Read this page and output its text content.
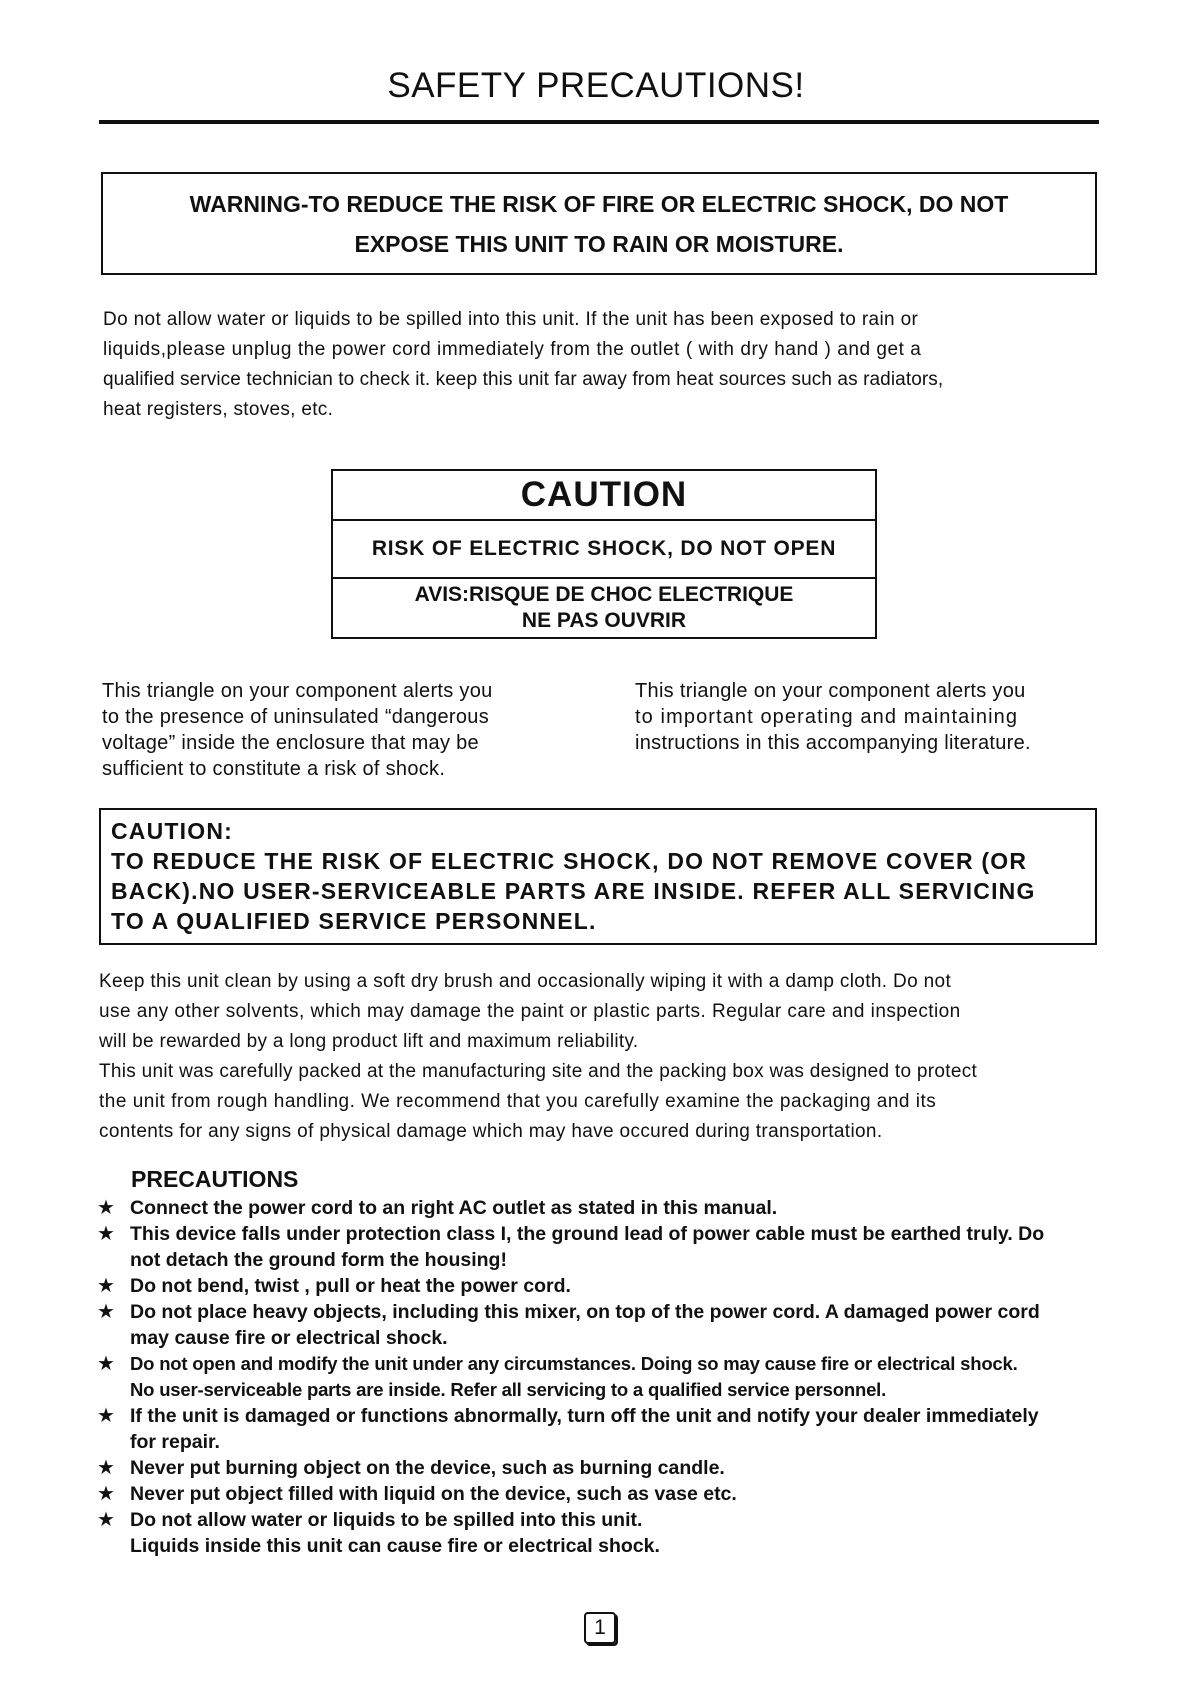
SAFETY PRECAUTIONS!
WARNING-TO REDUCE THE RISK OF FIRE OR ELECTRIC SHOCK, DO NOT
EXPOSE THIS UNIT TO RAIN OR MOISTURE.
Do not allow water or liquids to be spilled into this unit. If the unit has been exposed to rain or
liquids,please unplug the power cord immediately from the outlet ( with dry hand ) and get a
qualified service technician to check it. keep this unit far away from heat sources such as radiators,
heat registers, stoves, etc.
CAUTION
RISK OF ELECTRIC SHOCK, DO NOT OPEN
AVIS:RISQUE DE CHOC ELECTRIQUE
NE PAS OUVRIR
This triangle on your component alerts you
to the presence of uninsulated “dangerous
voltage” inside the enclosure that may be
sufficient to constitute a risk of shock.
This triangle on your component alerts you
to important operating and maintaining
instructions in this accompanying literature.
CAUTION:
TO REDUCE THE RISK OF ELECTRIC SHOCK, DO NOT REMOVE COVER (OR
BACK).NO USER-SERVICEABLE PARTS ARE INSIDE. REFER ALL SERVICING
TO A QUALIFIED SERVICE PERSONNEL.
Keep this unit clean by using a soft dry brush and occasionally wiping it with a damp cloth. Do not
use any other solvents, which may damage the paint or plastic parts. Regular care and inspection
will be rewarded by a long product lift and maximum reliability.
This unit was carefully packed at the manufacturing site and the packing box was designed to protect
the unit from rough handling. We recommend that you carefully examine the packaging and its
contents for any signs of physical damage which may have occured during transportation.
PRECAUTIONS
★ Connect the power cord to an right AC outlet as stated in this manual.
★ This device falls under protection class I, the ground lead of power cable must be earthed truly. Do
not detach the ground form the housing!
★ Do not bend, twist , pull or heat the power cord.
★ Do not place heavy objects, including this mixer, on top of the power cord. A damaged power cord
may cause fire or electrical shock.
★ Do not open and modify the unit under any circumstances. Doing so may cause fire or electrical shock.
No user-serviceable parts are inside. Refer all servicing to a qualified service personnel.
★ If the unit is damaged or functions abnormally, turn off the unit and notify your dealer immediately
for repair.
★ Never put burning object on the device, such as burning candle.
★ Never put object filled with liquid on the device, such as vase etc.
★ Do not allow water or liquids to be spilled into this unit.
Liquids inside this unit can cause fire or electrical shock.
1
